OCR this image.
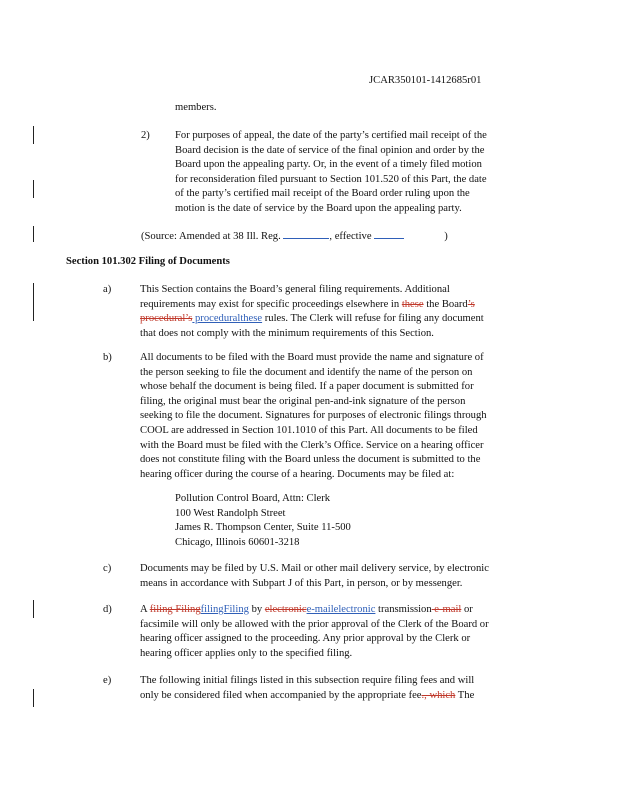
JCAR350101-1412685r01
members.
2) For purposes of appeal, the date of the party’s certified mail receipt of the
Board decision is the date of service of the final opinion and order by the
Board upon the appealing party. Or, in the event of a timely filed motion
for reconsideration filed pursuant to Section 101.520 of this Part, the date
of the party’s certified mail receipt of the Board order ruling upon the
motion is the date of service by the Board upon the appealing party.
(Source: Amended at 38 Ill. Reg.	, effective	)
Section 101.302 Filing of Documents
a)	This Section contains the Board’s general filing requirements. Additional
requirements may exist for specific proceedings elsewhere in these the Board’s
procedural’s proceduralthese rules. The Clerk will refuse for filing any document
that does not comply with the minimum requirements of this Section.
b)	All documents to be filed with the Board must provide the name and signature of
the person seeking to file the document and identify the name of the person on
whose behalf the document is being filed. If a paper document is submitted for
filing, the original must bear the original pen-and-ink signature of the person
seeking to file the document. Signatures for purposes of electronic filings through
COOL are addressed in Section 101.1010 of this Part. All documents to be filed
with the Board must be filed with the Clerk’s Office. Service on a hearing officer
does not constitute filing with the Board unless the document is submitted to the
hearing officer during the course of a hearing. Documents may be filed at:
Pollution Control Board, Attn: Clerk
100 West Randolph Street
James R. Thompson Center, Suite 11-500
Chicago, Illinois 60601-3218
c)	Documents may be filed by U.S. Mail or other mail delivery service, by electronic
means in accordance with Subpart J of this Part, in person, or by messenger.
d)	A filing FilingfilingFiling by electronice-mailelectronic transmission e-mail or
facsimile will only be allowed with the prior approval of the Clerk of the Board or
hearing officer assigned to the proceeding. Any prior approval by the Clerk or
hearing officer applies only to the specified filing.
e)	The following initial filings listed in this subsection require filing fees and will
only be considered filed when accompanied by the appropriate fee., which The
